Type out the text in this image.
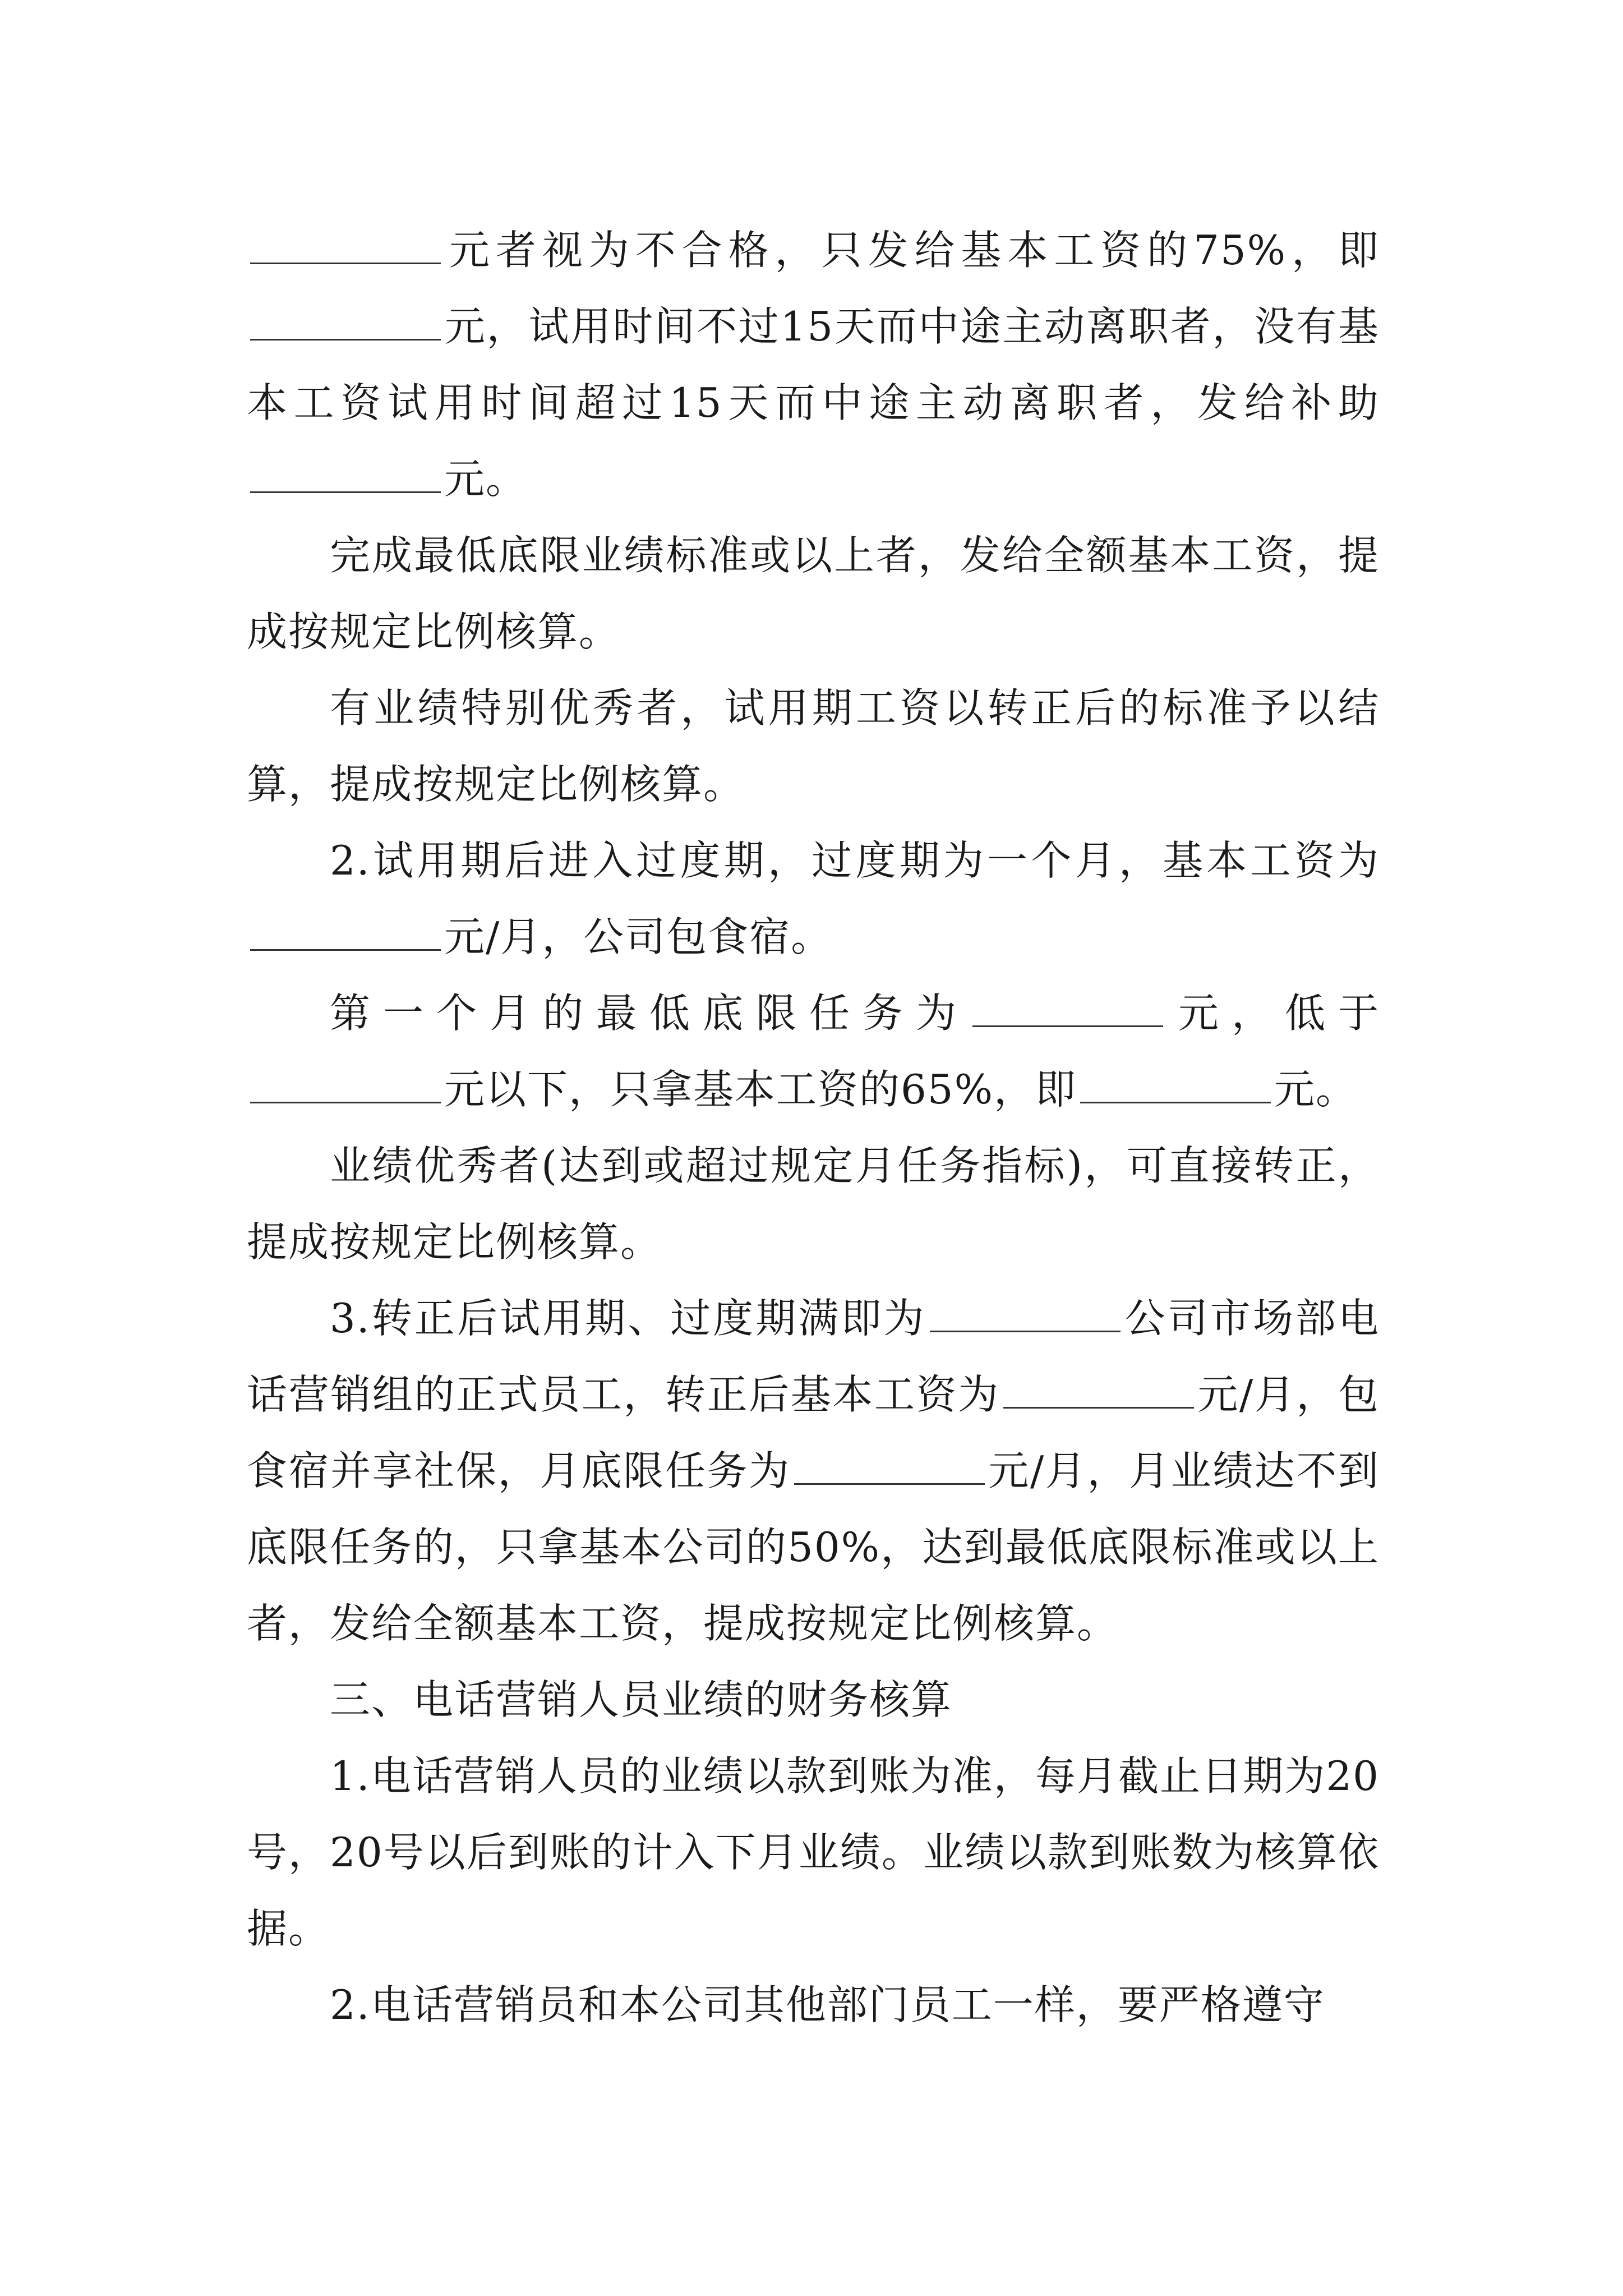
元者视为不合格，只发给基本工资的75%，即元，试用时间不过15天而中途主动离职者，没有基本工资试用时间超过15天而中途主动离职者，发给补助元。

完成最低底限业绩标准或以上者，发给全额基本工资，提成按规定比例核算。

有业绩特别优秀者，试用期工资以转正后的标准予以结算，提成按规定比例核算。

2.试用期后进入过度期，过度期为一个月，基本工资为元/月，公司包食宿。

第一个月的最低底限任务为	元，低于元以下，只拿基本工资的65%，即	元。

业绩优秀者(达到或超过规定月任务指标)，可直接转正，提成按规定比例核算。

3.转正后试用期、过度期满即为	公司市场部电话营销组的正式员工，转正后基本工资为	元/月，包食宿并享社保，月底限任务为	元/月，月业绩达不到底限任务的，只拿基本公司的50%，达到最低底限标准或以上者，发给全额基本工资，提成按规定比例核算。

三、电话营销人员业绩的财务核算

1.电话营销人员的业绩以款到账为准，每月截止日期为20号，20号以后到账的计入下月业绩。业绩以款到账数为核算依据。

2.电话营销员和本公司其他部门员工一样，要严格遵守
